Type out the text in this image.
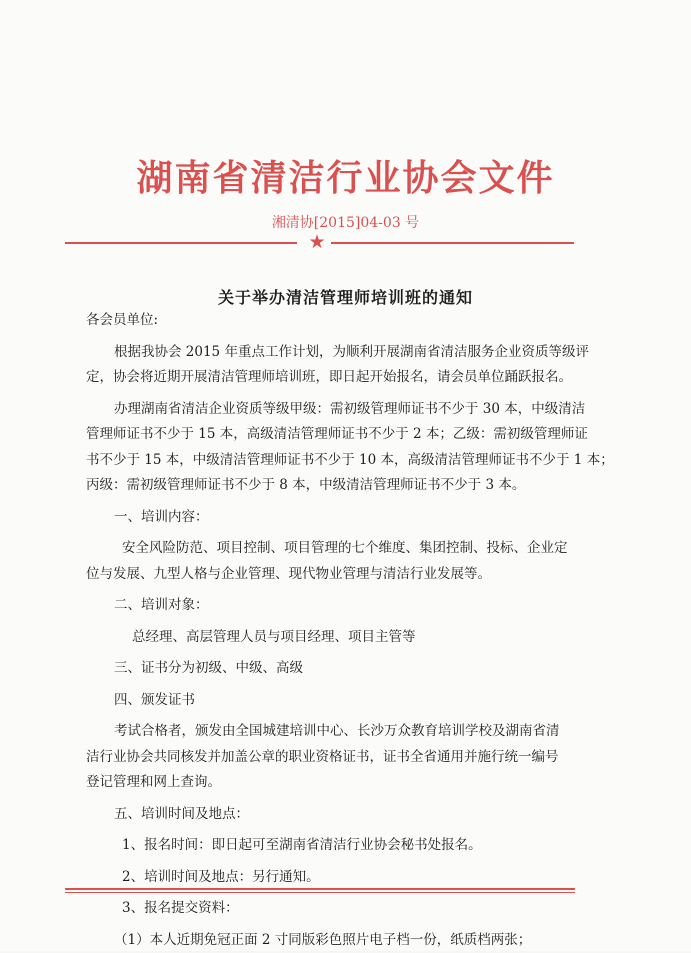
湖南省清洁行业协会文件
湘清协[2015]04-03 号
★
关于举办清洁管理师培训班的通知
各会员单位:
根据我协会 2015 年重点工作计划，为顺利开展湖南省清洁服务企业资质等级评
定，协会将近期开展清洁管理师培训班，即日起开始报名，请会员单位踊跃报名。
办理湖南省清洁企业资质等级甲级：需初级管理师证书不少于 30 本，中级清洁
管理师证书不少于 15 本，高级清洁管理师证书不少于 2 本；乙级：需初级管理师证
书不少于 15 本，中级清洁管理师证书不少于 10 本，高级清洁管理师证书不少于 1 本；
丙级：需初级管理师证书不少于 8 本，中级清洁管理师证书不少于 3 本。
一、培训内容：
安全风险防范、项目控制、项目管理的七个维度、集团控制、投标、企业定
位与发展、九型人格与企业管理、现代物业管理与清洁行业发展等。
二、培训对象：
总经理、高层管理人员与项目经理、项目主管等
三、证书分为初级、中级、高级
四、颁发证书
考试合格者，颁发由全国城建培训中心、长沙万众教育培训学校及湖南省清
洁行业协会共同核发并加盖公章的职业资格证书，证书全省通用并施行统一编号
登记管理和网上查询。
五、培训时间及地点：
1、报名时间：即日起可至湖南省清洁行业协会秘书处报名。
2、培训时间及地点：另行通知。
3、报名提交资料：
（1）本人近期免冠正面 2 寸同版彩色照片电子档一份，纸质档两张；
